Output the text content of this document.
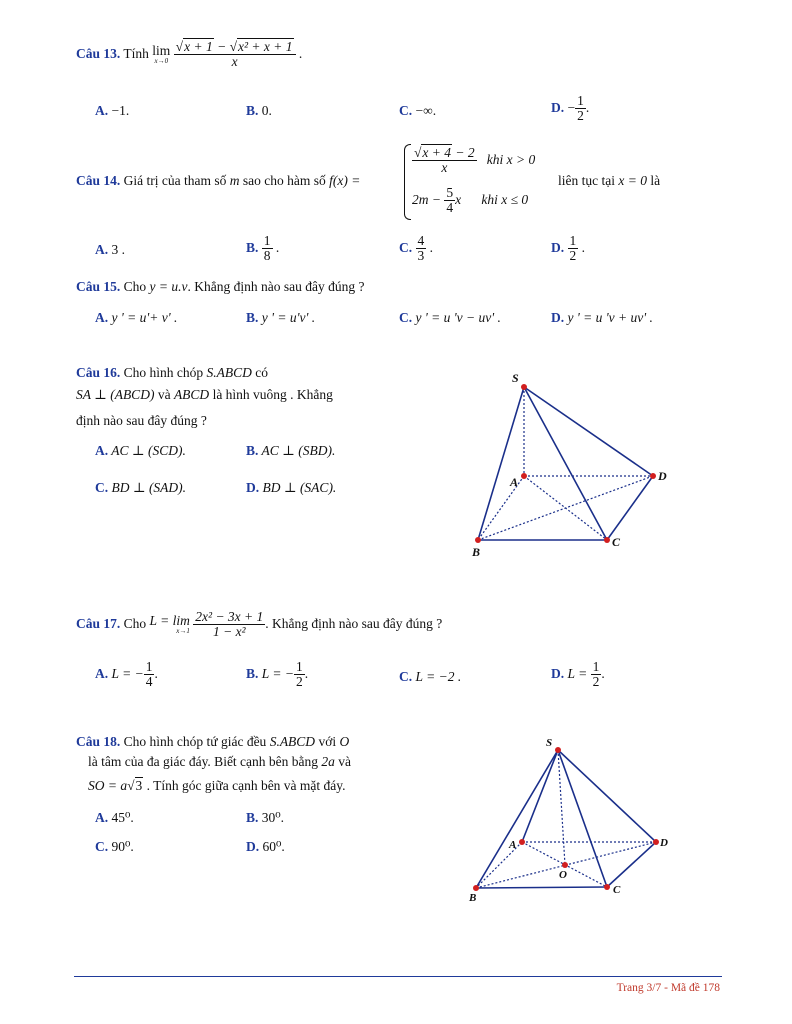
Câu 13. Tính lim
x→0
$\frac{\text{√x + 1 − √x² + x + 1}}{x}$ .
A. −1.	B. 0.	C. −∞.	D. − $\frac{1}{2}$ .
Câu 14. Giá trị của tham số m sao cho hàm số f(x) =
$\frac{√x + 4 - 2}{x}$ khi x > 0
$2m - \frac{5}{4}$ x khi x ≤ 0
liên tục tại x = 0 là
A. 3 .	B. $\frac{1}{8}$ .	C. $\frac{4}{3}$ .	D. $\frac{1}{2}$ .
Câu 15. Cho y = u.v. Khẳng định nào sau đây đúng ?
A. y ' = u'+ v' .	B. y ' = u'v' .	C. y ' = u 'v − uv' .	D. y ' = u 'v + uv' .
Câu 16. Cho hình chóp S.ABCD có
SA ⊥ (ABCD) và ABCD là hình vuông . Khẳng
định nào sau đây đúng ?
A. AC ⊥ (SCD).	B. AC ⊥ (SBD).
C. BD ⊥ (SAD).	D. BD ⊥ (SAC).
S
A
B
C
D
Câu 17. Cho L = lim
x→1
$\frac{\text{2x² − 3x + 1}}{\text{1 − x²}}$ . Khẳng định nào sau đây đúng ?
A. L = − $\frac{1}{4}$ .	B. L = − $\frac{1}{2}$ .	C. L = −2 .	D. $L = \frac{1}{2}$ .
Câu 18. Cho hình chóp tứ giác đều S.ABCD với O
là tâm của đa giác đáy. Biết cạnh bên bằng 2a và
SO = a√3 . Tính góc giữa cạnh bên và mặt đáy.
A. 45⁰.	B. 30⁰.
C. 90⁰.	D. 60⁰.
S
A
B
C
D
O
Trang 3/7 - Mã đề 178
